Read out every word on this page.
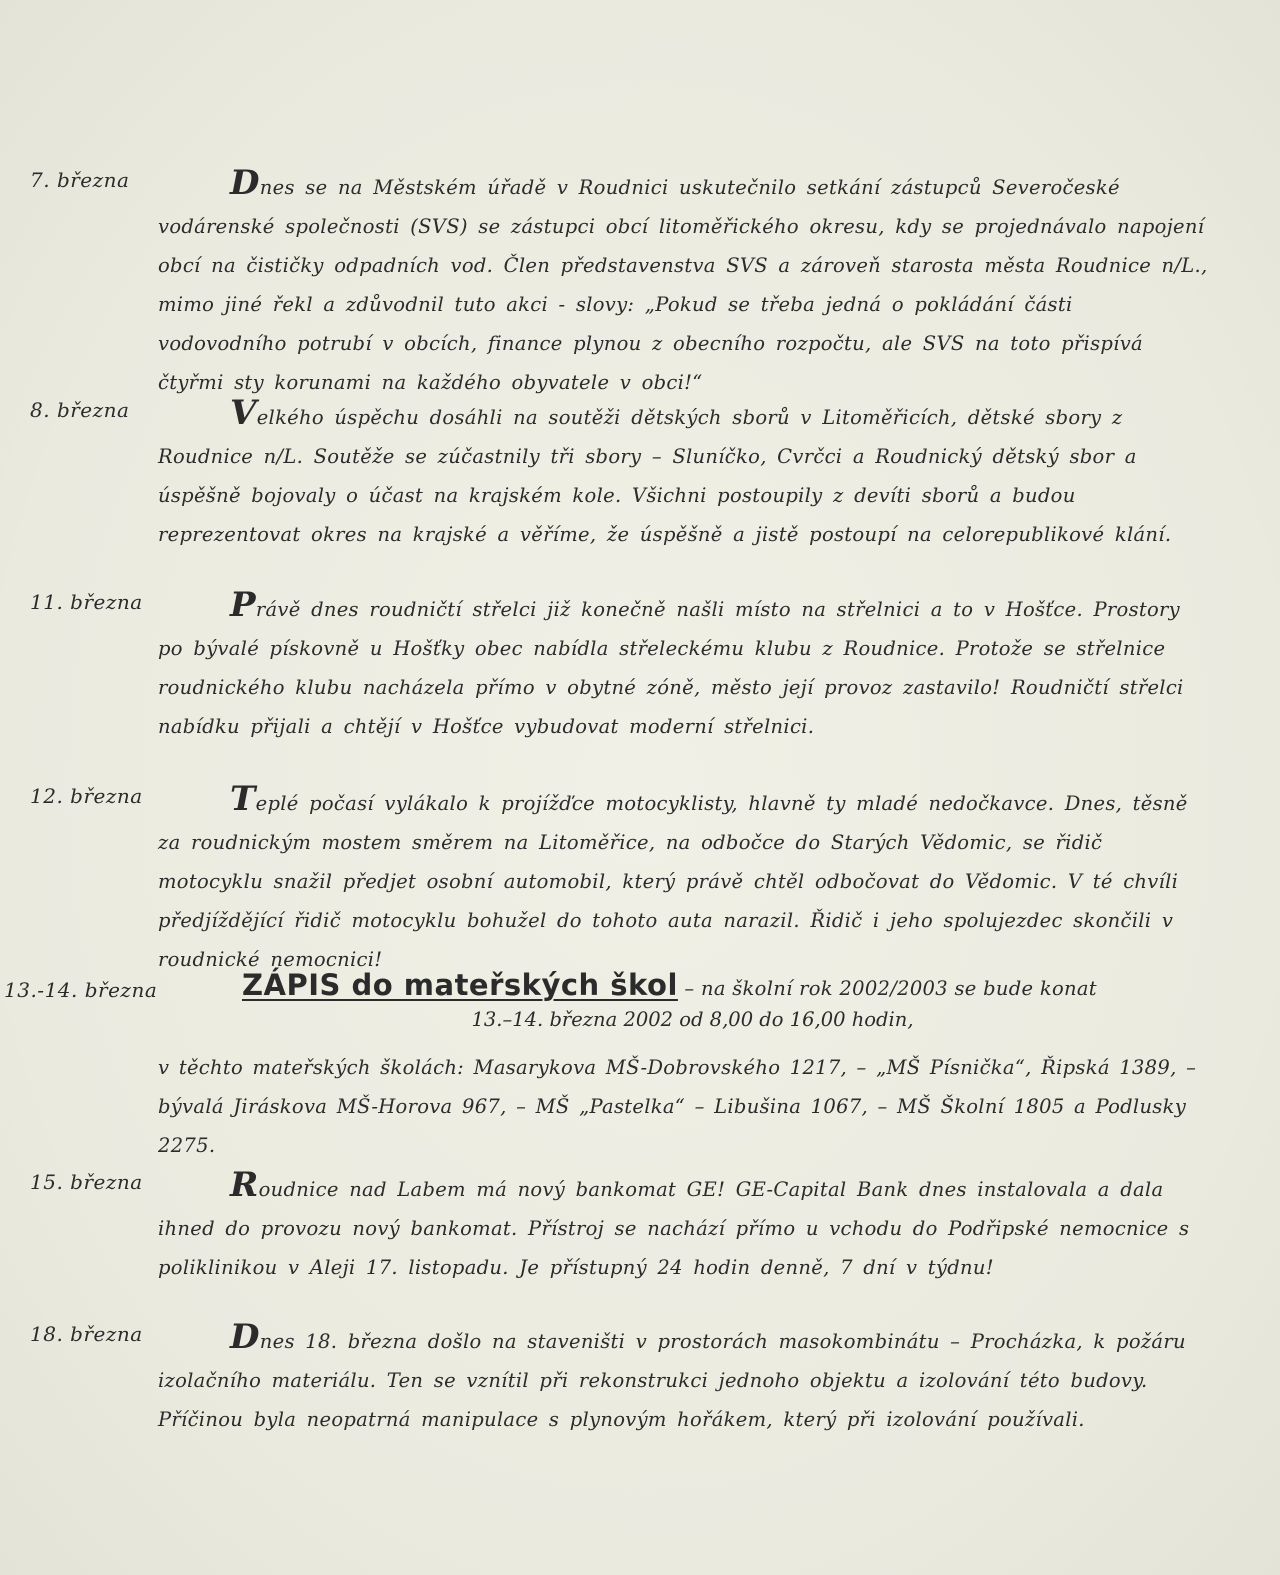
7. března	Dnes se na Městském úřadě v Roudnici uskutečnilo setkání zástupců Severočeské vodárenské společnosti (SVS) se zástupci obcí litoměřického okresu, kdy se projednávalo napojení obcí na čističky odpadních vod. Člen představenstva SVS a zároveň starosta města Roudnice n/L., mimo jiné řekl a zdůvodnil tuto akci - slovy: „Pokud se třeba jedná o pokládání části vodovodního potrubí v obcích, finance plynou z obecního rozpočtu, ale SVS na toto přispívá čtyřmi sty korunami na každého obyvatele v obci!“
8. března	Velkého úspěchu dosáhli na soutěži dětských sborů v Litoměřicích, dětské sbory z Roudnice n/L. Soutěže se zúčastnily tři sbory – Sluníčko, Cvrčci a Roudnický dětský sbor a úspěšně bojovaly o účast na krajském kole. Všichni postoupily z devíti sborů a budou reprezentovat okres na krajské a věříme, že úspěšně a jistě postoupí na celorepublikové klání.
11. března	Právě dnes roudničtí střelci již konečně našli místo na střelnici a to v Hošťce. Prostory po bývalé pískovně u Hošťky obec nabídla střeleckému klubu z Roudnice. Protože se střelnice roudnického klubu nacházela přímo v obytné zóně, město její provoz zastavilo! Roudničtí střelci nabídku přijali a chtějí v Hošťce vybudovat moderní střelnici.
12. března	Teplé počasí vylákalo k projížďce motocyklisty, hlavně ty mladé nedočkavce. Dnes, těsně za roudnickým mostem směrem na Litoměřice, na odbočce do Starých Vědomic, se řidič motocyklu snažil předjet osobní automobil, který právě chtěl odbočovat do Vědomic. V té chvíli předjíždějící řidič motocyklu bohužel do tohoto auta narazil. Řidič i jeho spolujezdec skončili v roudnické nemocnici!
13.-14. března	ZÁPIS do mateřských škol – na školní rok 2002/2003 se bude konat
13.–14. března 2002 od 8,00 do 16,00 hodin,
v těchto mateřských školách: Masarykova MŠ-Dobrovského 1217, – „MŠ Písnička“, Řipská 1389, – bývalá Jiráskova MŠ-Horova 967, – MŠ „Pastelka“ – Libušina 1067, – MŠ Školní 1805 a Podlusky 2275.
15. března	Roudnice nad Labem má nový bankomat GE! GE-Capital Bank dnes instalovala a dala ihned do provozu nový bankomat. Přístroj se nachází přímo u vchodu do Podřipské nemocnice s poliklinikou v Aleji 17. listopadu. Je přístupný 24 hodin denně, 7 dní v týdnu!
18. března	Dnes 18. března došlo na staveništi v prostorách masokombinátu – Procházka, k požáru izolačního materiálu. Ten se vznítil při rekonstrukci jednoho objektu a izolování této budovy. Příčinou byla neopatrná manipulace s plynovým hořákem, který při izolování používali.
